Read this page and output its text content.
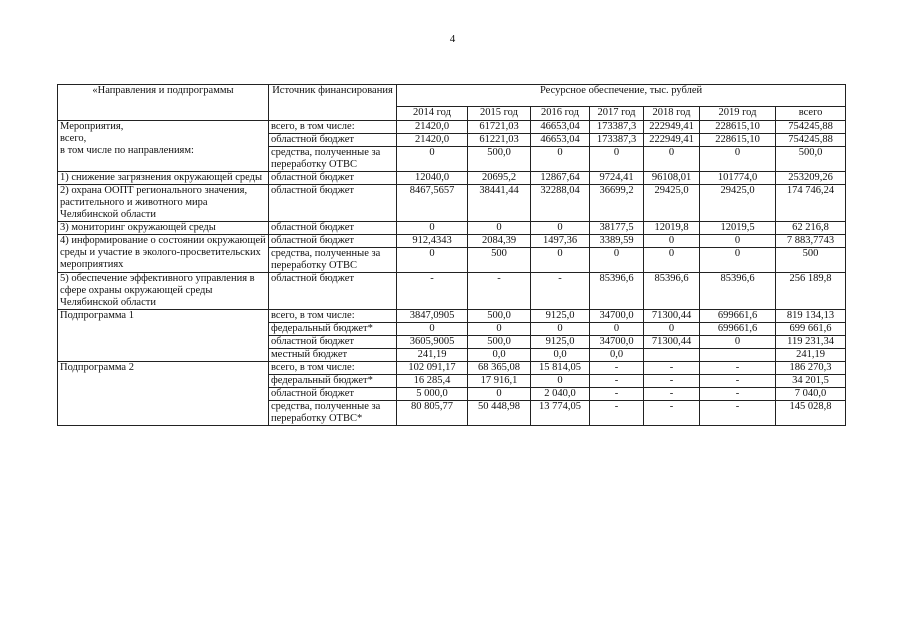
4
«Направления и подпрограммы	Источник финансирования	Ресурсное обеспечение, тыс. рублей						
		2014 год	2015 год	2016 год	2017 год	2018 год	2019 год	всего
Мероприятия,
всего,
в том числе по направлениям:	всего, в том числе:	21420,0	61721,03	46653,04	173387,3	222949,41	228615,10	754245,88
	областной бюджет	21420,0	61221,03	46653,04	173387,3	222949,41	228615,10	754245,88
	средства, полученные за переработку ОТВС	0	500,0	0	0	0	0	500,0
1) снижение загрязнения окружающей среды	областной бюджет	12040,0	20695,2	12867,64	9724,41	96108,01	101774,0	253209,26
2) охрана ООПТ регионального значения, растительного и животного мира Челябинской области	областной бюджет	8467,5657	38441,44	32288,04	36699,2	29425,0	29425,0	174 746,24
3) мониторинг окружающей среды	областной бюджет	0	0	0	38177,5	12019,8	12019,5	62 216,8
4) информирование о состоянии окружающей среды и участие в эколого-просветительских мероприятиях	областной бюджет	912,4343	2084,39	1497,36	3389,59	0	0	7 883,7743
	средства, полученные за переработку ОТВС	0	500	0	0	0	0	500
5) обеспечение эффективного управления в сфере охраны окружающей среды Челябинской области	областной бюджет	-	-	-	85396,6	85396,6	85396,6	256 189,8
Подпрограмма 1	всего, в том числе:	3847,0905	500,0	9125,0	34700,0	71300,44	699661,6	819 134,13
	федеральный бюджет*	0	0	0	0	0	699661,6	699 661,6
	областной бюджет	3605,9005	500,0	9125,0	34700,0	71300,44	0	119 231,34
	местный бюджет	241,19	0,0	0,0	0,0			241,19
Подпрограмма 2	всего, в том числе:	102 091,17	68 365,08	15 814,05	-	-	-	186 270,3
	федеральный бюджет*	16 285,4	17 916,1	0	-	-	-	34 201,5
	областной бюджет	5 000,0	0	2 040,0	-	-	-	7 040,0
	средства, полученные за переработку ОТВС*	80 805,77	50 448,98	13 774,05	-	-	-	145 028,8
